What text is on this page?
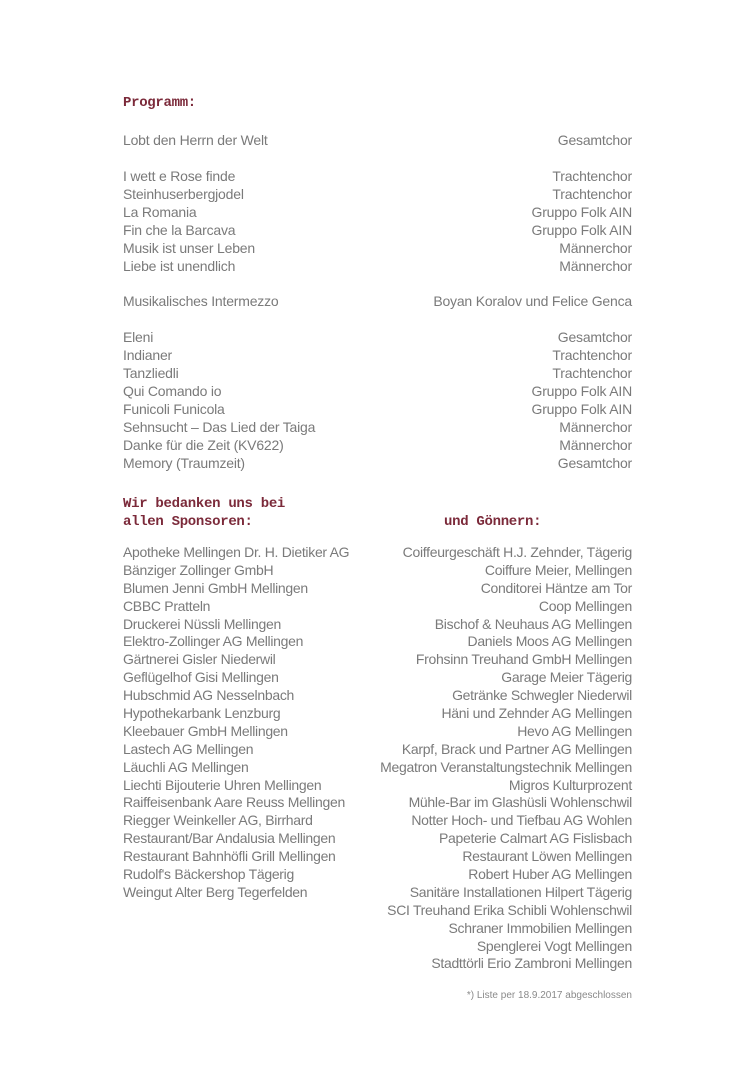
Programm:
Lobt den Herrn der Welt	Gesamtchor
I wett e Rose finde	Trachtenchor
Steinhuserbergjodel	Trachtenchor
La Romania	Gruppo Folk AIN
Fin che la Barcava	Gruppo Folk AIN
Musik ist unser Leben	Männerchor
Liebe ist unendlich	Männerchor
Musikalisches Intermezzo	Boyan Koralov und Felice Genca
Eleni	Gesamtchor
Indianer	Trachtenchor
Tanzliedli	Trachtenchor
Qui Comando io	Gruppo Folk AIN
Funicoli Funicola	Gruppo Folk AIN
Sehnsucht – Das Lied der Taiga	Männerchor
Danke für die Zeit (KV622)	Männerchor
Memory (Traumzeit)	Gesamtchor
Wir bedanken uns bei
allen Sponsoren:	und Gönnern:
Apotheke Mellingen Dr. H. Dietiker AG
Bänziger Zollinger GmbH
Blumen Jenni GmbH Mellingen
CBBC Pratteln
Druckerei Nüssli Mellingen
Elektro-Zollinger AG Mellingen
Gärtnerei Gisler Niederwil
Geflügelhof Gisi Mellingen
Hubschmid AG Nesselnbach
Hypothekarbank Lenzburg
Kleebauer GmbH Mellingen
Lastech AG Mellingen
Läuchli AG Mellingen
Liechti Bijouterie Uhren Mellingen
Raiffeisenbank Aare Reuss Mellingen
Riegger Weinkeller AG, Birrhard
Restaurant/Bar Andalusia Mellingen
Restaurant Bahnhöfli Grill Mellingen
Rudolf's Bäckershop Tägerig
Weingut Alter Berg Tegerfelden
Coiffeurgeschäft H.J. Zehnder, Tägerig
Coiffure Meier, Mellingen
Conditorei Häntze am Tor
Coop Mellingen
Bischof & Neuhaus AG Mellingen
Daniels Moos AG Mellingen
Frohsinn Treuhand GmbH Mellingen
Garage Meier Tägerig
Getränke Schwegler Niederwil
Häni und Zehnder AG Mellingen
Hevo AG Mellingen
Karpf, Brack und Partner AG Mellingen
Megatron Veranstaltungstechnik Mellingen
Migros Kulturprozent
Mühle-Bar im Glashüsli Wohlenschwil
Notter Hoch- und Tiefbau AG Wohlen
Papeterie Calmart AG Fislisbach
Restaurant Löwen Mellingen
Robert Huber AG Mellingen
Sanitäre Installationen Hilpert Tägerig
SCI Treuhand Erika Schibli Wohlenschwil
Schraner Immobilien Mellingen
Spenglerei Vogt Mellingen
Stadttörli Erio Zambroni Mellingen
*) Liste per 18.9.2017 abgeschlossen
